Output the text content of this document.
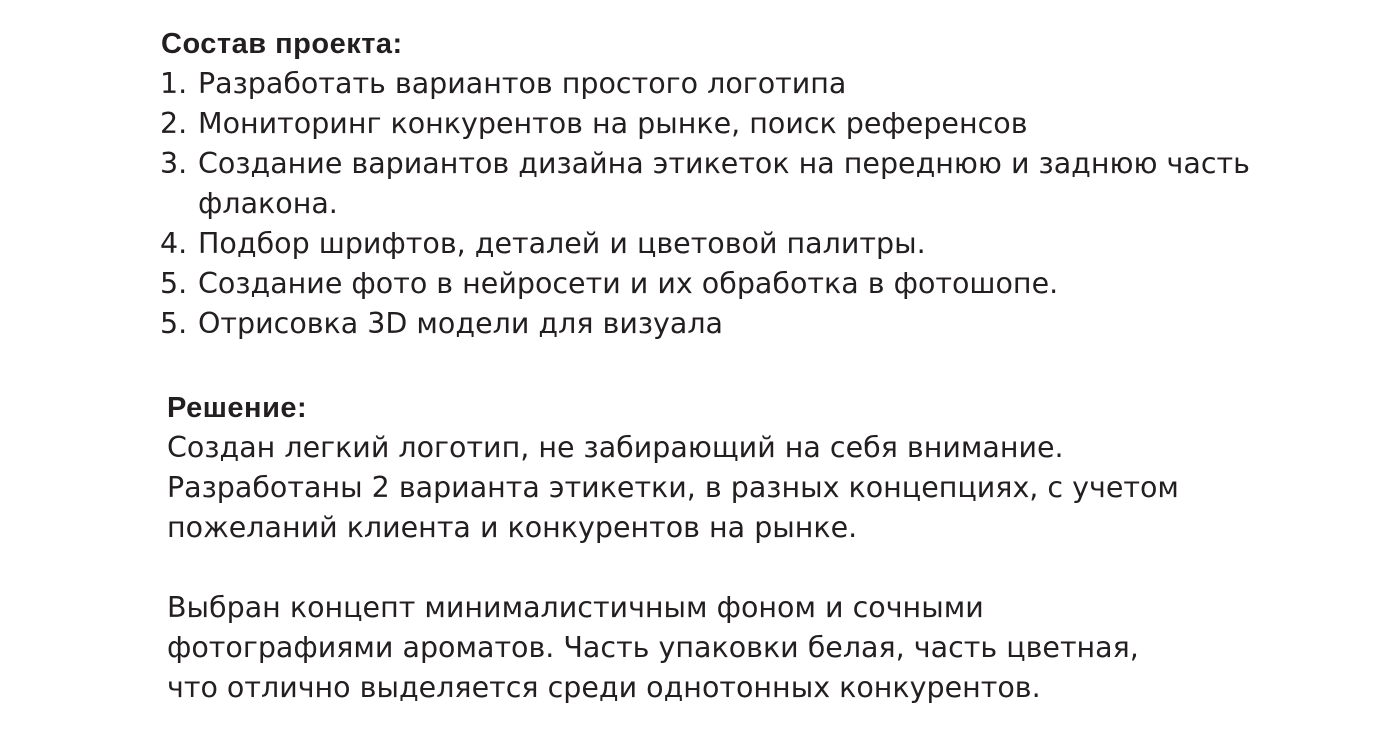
Состав проекта:
1. Разработать вариантов простого логотипа
2. Мониторинг конкурентов на рынке, поиск референсов
3. Создание вариантов дизайна этикеток на переднюю и заднюю часть флакона.
4. Подбор шрифтов, деталей и цветовой палитры.
5. Создание фото в нейросети и их обработка в фотошопе.
5. Отрисовка 3D модели для визуала
Решение:

Создан легкий логотип, не забирающий на себя внимание.
Разработаны 2 варианта этикетки, в разных концепциях, с учетом
пожеланий клиента и конкурентов на рынке.

Выбран концепт минималистичным фоном и сочными
фотографиями ароматов. Часть упаковки белая, часть цветная,
что отлично выделяется среди однотонных конкурентов.
